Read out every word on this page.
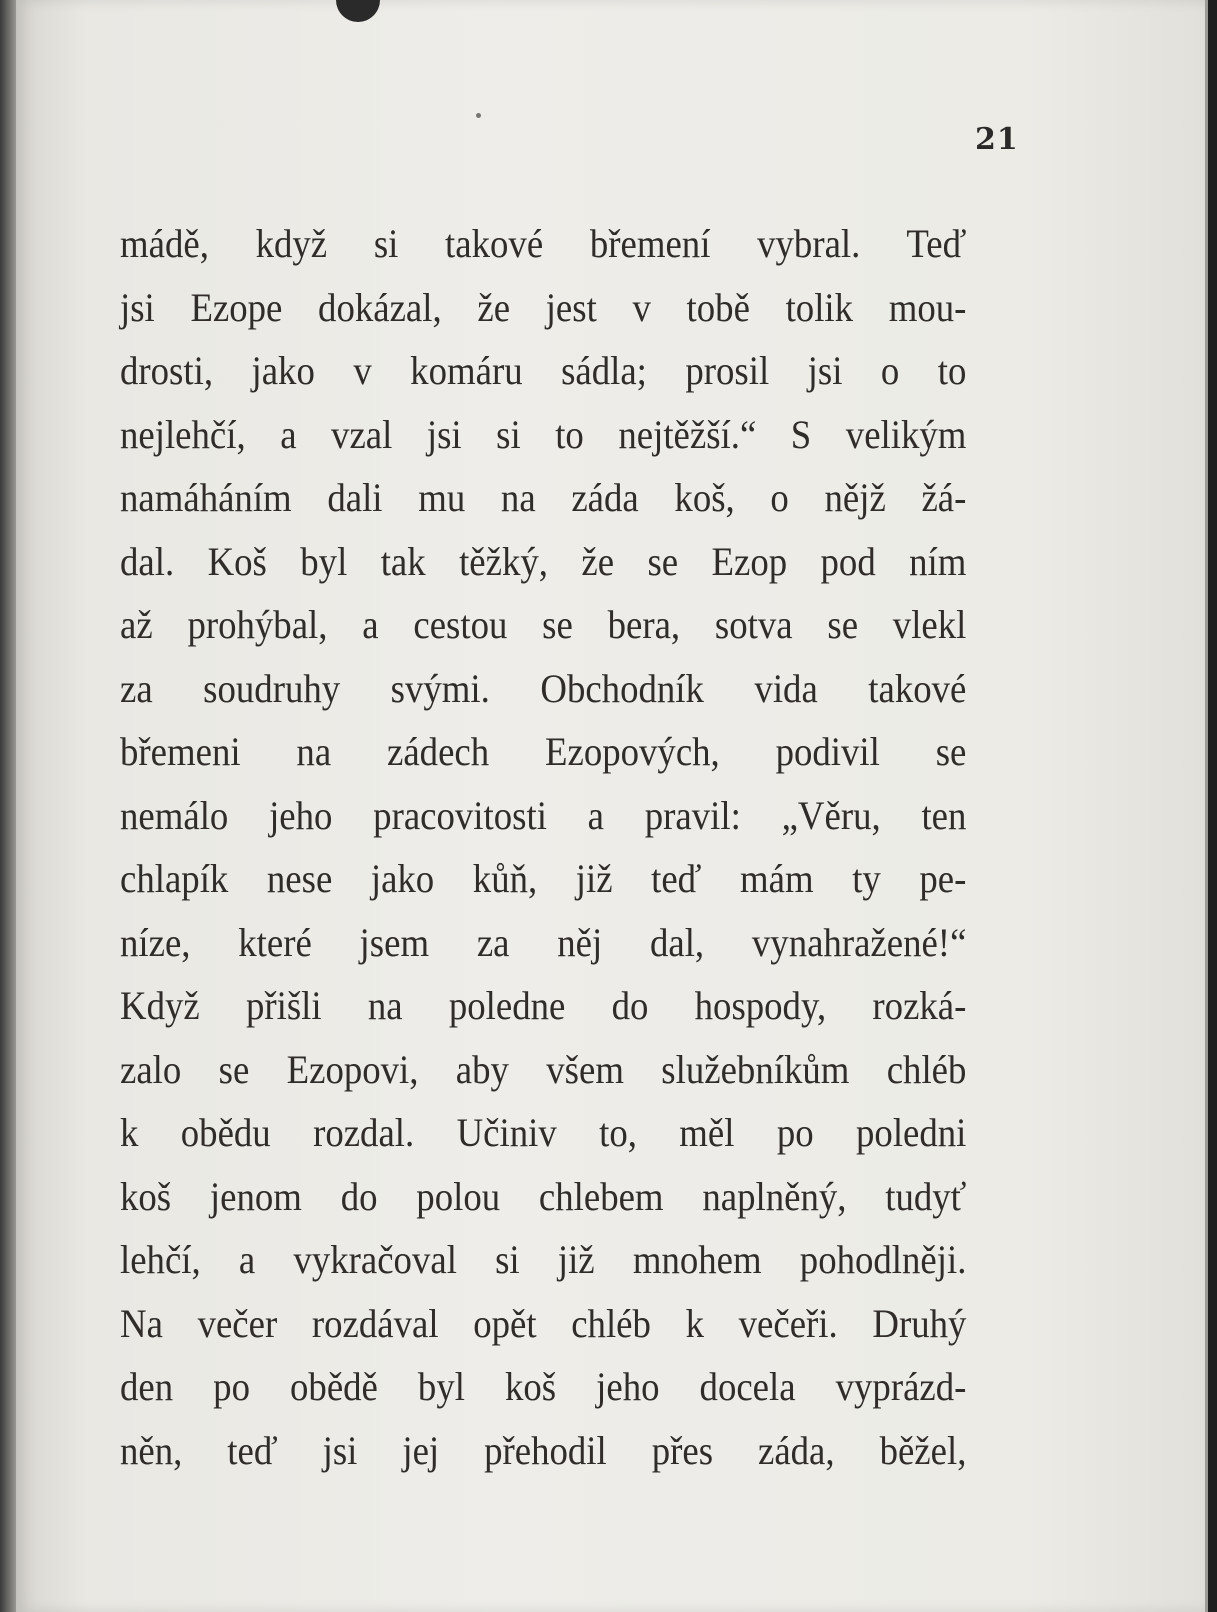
21
mádě, když si takové břemení vybral. Teď
jsi Ezope dokázal, že jest v tobě tolik mou-
drosti, jako v komáru sádla; prosil jsi o to
nejlehčí, a vzal jsi si to nejtěžší.“ S velikým
namáháním dali mu na záda koš, o nějž žá-
dal. Koš byl tak těžký, že se Ezop pod ním
až prohýbal, a cestou se bera, sotva se vlekl
za soudruhy svými. Obchodník vida takové
břemeni na zádech Ezopových, podivil se
nemálo jeho pracovitosti a pravil: „Věru, ten
chlapík nese jako kůň, již teď mám ty pe-
níze, které jsem za něj dal, vynahražené!“
Když přišli na poledne do hospody, rozká-
zalo se Ezopovi, aby všem služebníkům chléb
k obědu rozdal. Učiniv to, měl po poledni
koš jenom do polou chlebem naplněný, tudyť
lehčí, a vykračoval si již mnohem pohodlněji.
Na večer rozdával opět chléb k večeři. Druhý
den po obědě byl koš jeho docela vyprázd-
něn, teď jsi jej přehodil přes záda, běžel,
